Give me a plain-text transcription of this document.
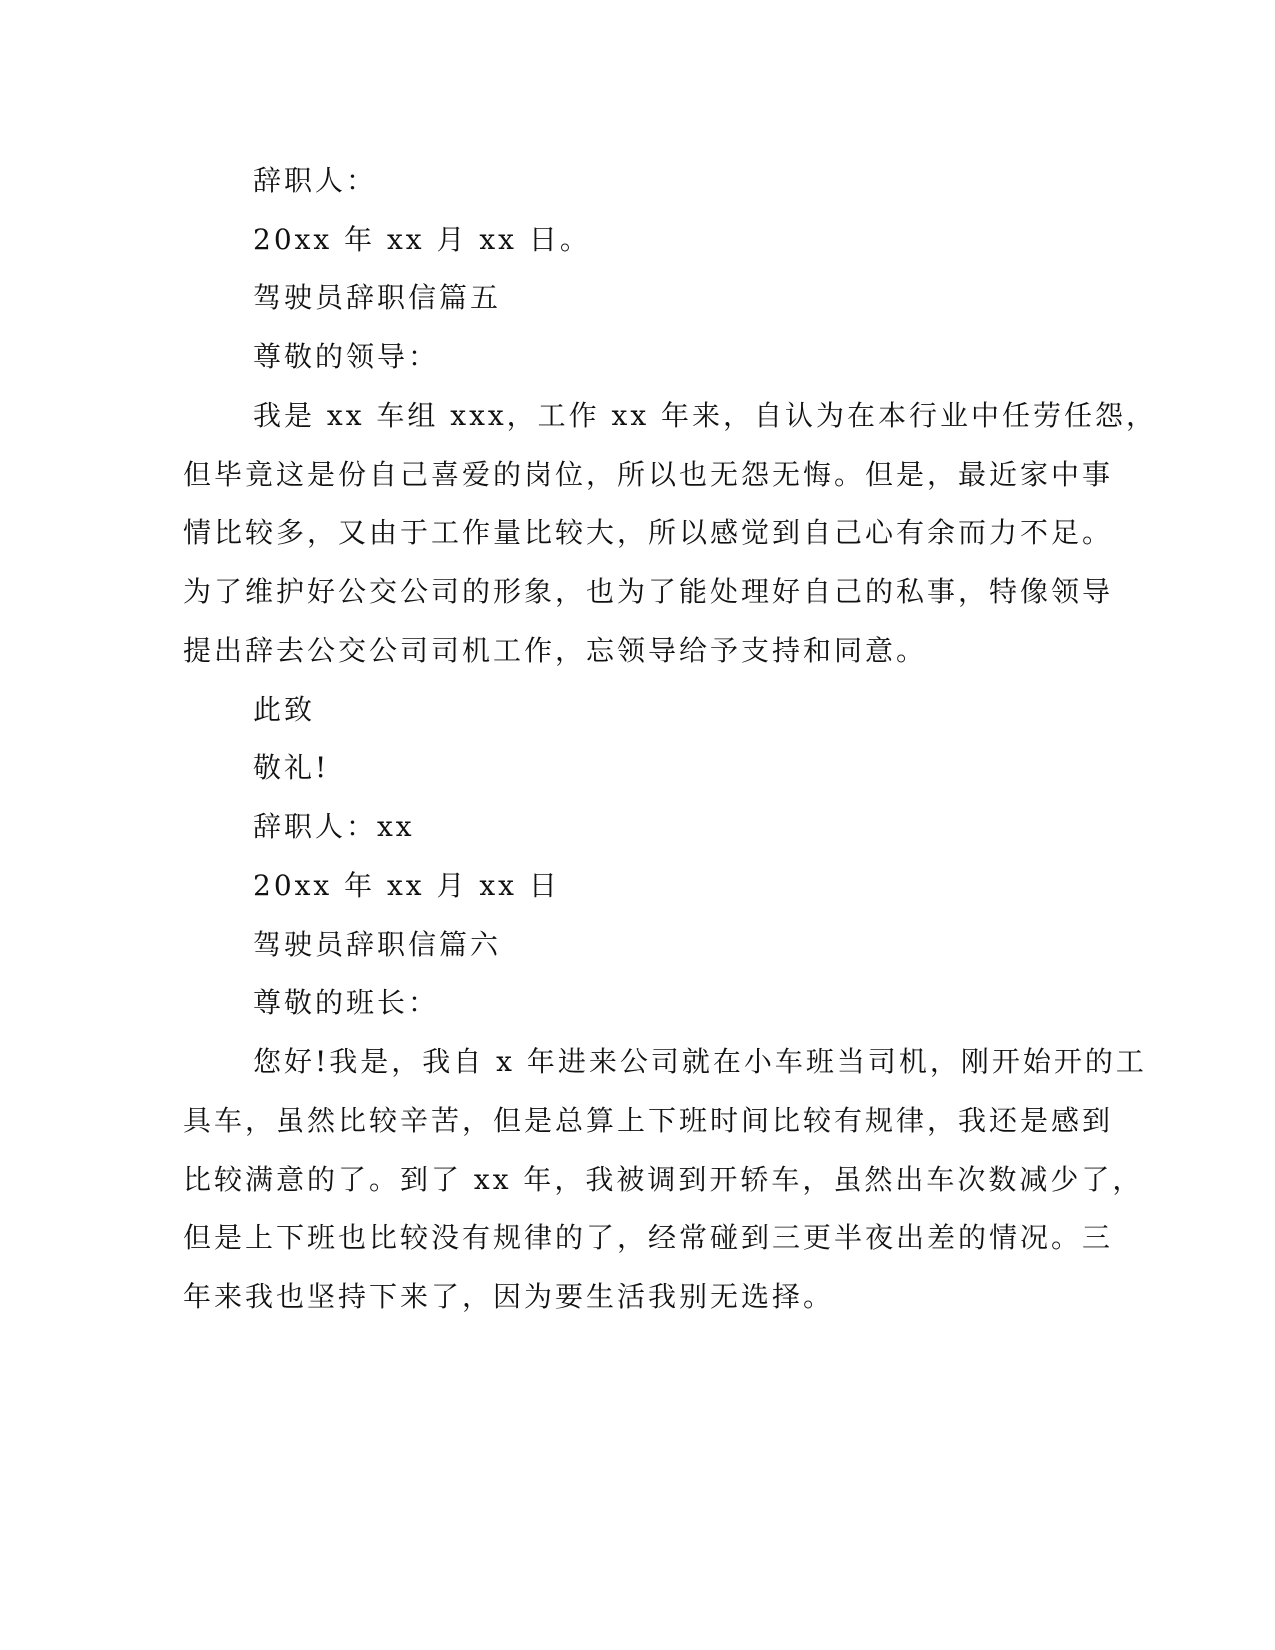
辞职人：
20xx 年 xx 月 xx 日。
驾驶员辞职信篇五
尊敬的领导：
我是 xx 车组 xxx，工作 xx 年来，自认为在本行业中任劳任怨，
但毕竟这是份自己喜爱的岗位，所以也无怨无悔。但是，最近家中事
情比较多，又由于工作量比较大，所以感觉到自己心有余而力不足。
为了维护好公交公司的形象，也为了能处理好自己的私事，特像领导
提出辞去公交公司司机工作，忘领导给予支持和同意。
此致
敬礼!
辞职人：xx
20xx 年 xx 月 xx 日
驾驶员辞职信篇六
尊敬的班长：
您好!我是，我自 x 年进来公司就在小车班当司机，刚开始开的工
具车，虽然比较辛苦，但是总算上下班时间比较有规律，我还是感到
比较满意的了。到了 xx 年，我被调到开轿车，虽然出车次数减少了，
但是上下班也比较没有规律的了，经常碰到三更半夜出差的情况。三
年来我也坚持下来了，因为要生活我别无选择。
